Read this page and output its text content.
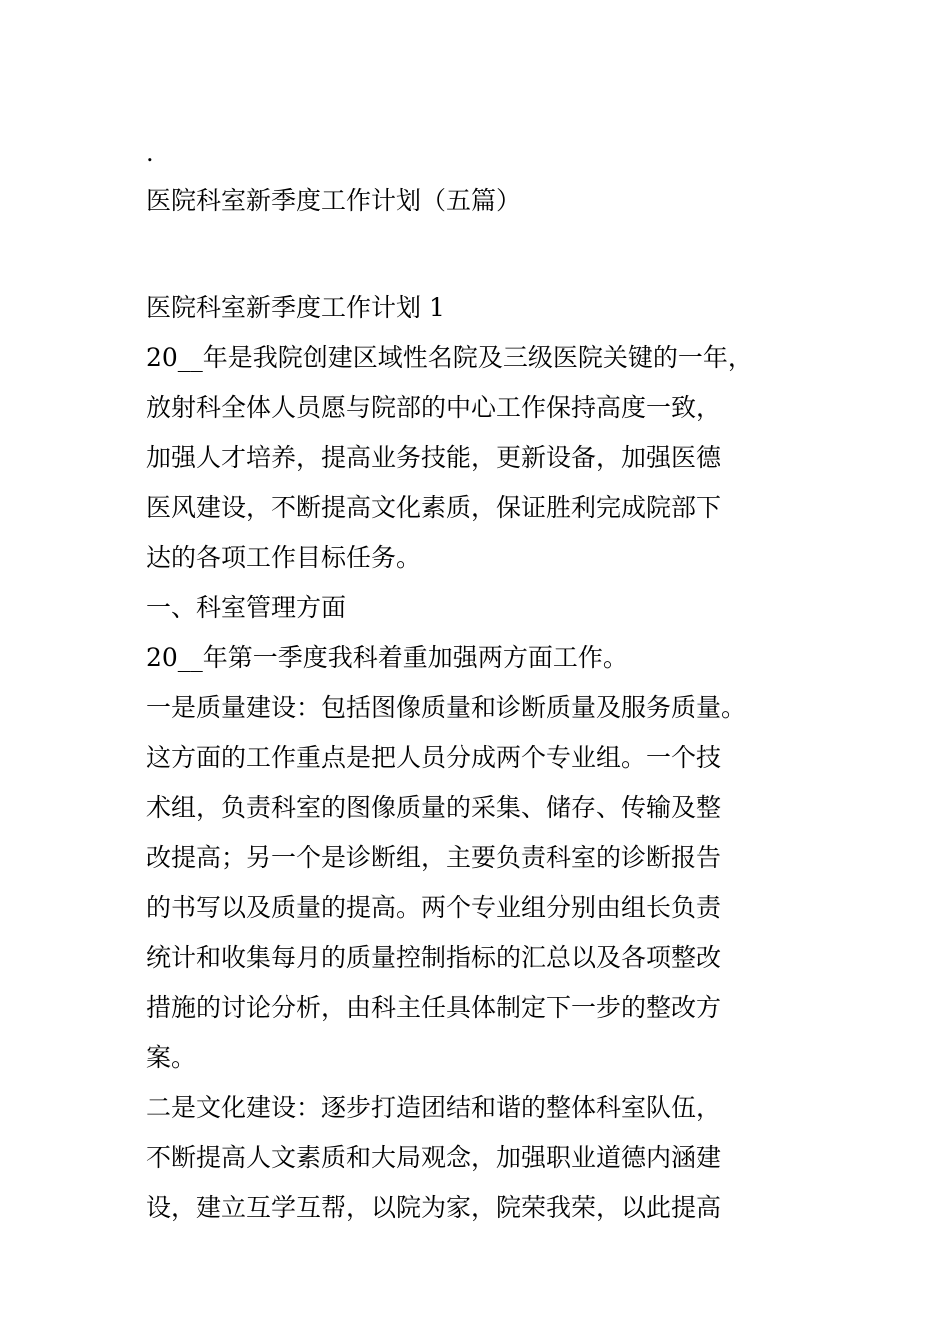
.
医院科室新季度工作计划（五篇）
医院科室新季度工作计划 1
20__年是我院创建区域性名院及三级医院关键的一年，
放射科全体人员愿与院部的中心工作保持高度一致，
加强人才培养，提高业务技能，更新设备，加强医德
医风建设，不断提高文化素质，保证胜利完成院部下
达的各项工作目标任务。
一、科室管理方面
20__年第一季度我科着重加强两方面工作。
一是质量建设：包括图像质量和诊断质量及服务质量。
这方面的工作重点是把人员分成两个专业组。一个技
术组，负责科室的图像质量的采集、储存、传输及整
改提高；另一个是诊断组，主要负责科室的诊断报告
的书写以及质量的提高。两个专业组分别由组长负责
统计和收集每月的质量控制指标的汇总以及各项整改
措施的讨论分析，由科主任具体制定下一步的整改方
案。
二是文化建设：逐步打造团结和谐的整体科室队伍，
不断提高人文素质和大局观念，加强职业道德内涵建
设，建立互学互帮，以院为家，院荣我荣，以此提高
